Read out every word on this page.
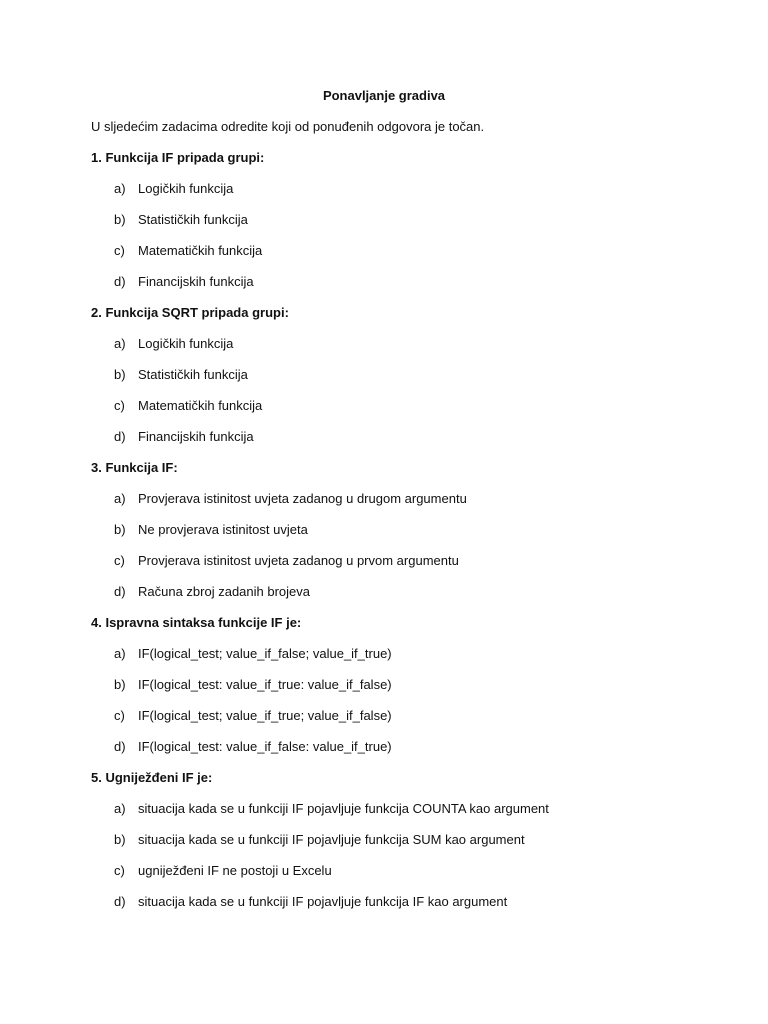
Ponavljanje gradiva
U sljedećim zadacima odredite koji od ponuđenih odgovora je točan.
1. Funkcija IF pripada grupi:
a) Logičkih funkcija
b) Statističkih funkcija
c)	Matematičkih funkcija
d) Financijskih funkcija
2. Funkcija SQRT pripada grupi:
a) Logičkih funkcija
b) Statističkih funkcija
c)	Matematičkih funkcija
d) Financijskih funkcija
3. Funkcija IF:
a) Provjerava istinitost uvjeta zadanog u drugom argumentu
b) Ne provjerava istinitost uvjeta
c)	Provjerava istinitost uvjeta zadanog u prvom argumentu
d) Računa zbroj zadanih brojeva
4. Ispravna sintaksa funkcije IF je:
a) IF(logical_test; value_if_false; value_if_true)
b) IF(logical_test: value_if_true: value_if_false)
c)	IF(logical_test; value_if_true; value_if_false)
d) IF(logical_test: value_if_false: value_if_true)
5. Ugniježđeni IF je:
a) situacija kada se u funkciji IF pojavljuje funkcija COUNTA kao argument
b) situacija kada se u funkciji IF pojavljuje funkcija SUM kao argument
c)	ugniježđeni IF ne postoji u Excelu
d) situacija kada se u funkciji IF pojavljuje funkcija IF kao argument
